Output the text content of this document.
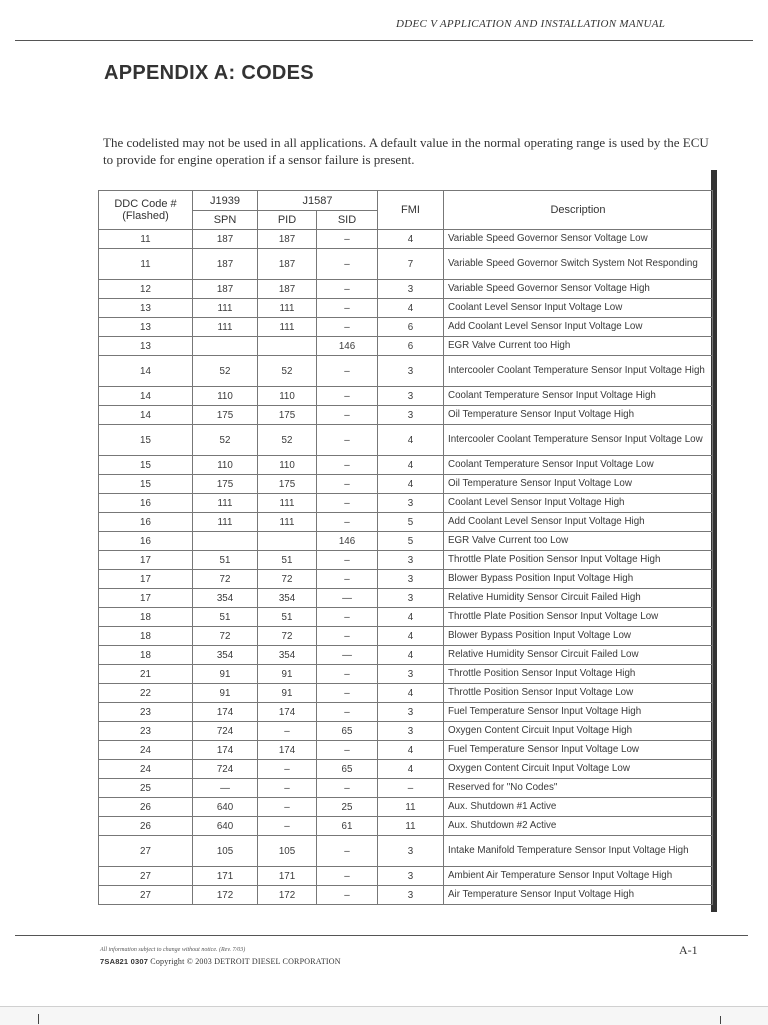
DDEC V APPLICATION AND INSTALLATION MANUAL
APPENDIX A: CODES
The codelisted may not be used in all applications. A default value in the normal operating range is used by the ECU to provide for engine operation if a sensor failure is present.
DDC Code #
(Flashed)	J1939	J1587		FMI	Description
	SPN	PID	SID		
11	187	187	–	4	Variable Speed Governor Sensor Voltage Low
11	187	187	–	7	Variable Speed Governor Switch System Not Responding
12	187	187	–	3	Variable Speed Governor Sensor Voltage High
13	111	111	–	4	Coolant Level Sensor Input Voltage Low
13	111	111	–	6	Add Coolant Level Sensor Input Voltage Low
13			146	6	EGR Valve Current too High
14	52	52	–	3	Intercooler Coolant Temperature Sensor Input Voltage High
14	110	110	–	3	Coolant Temperature Sensor Input Voltage High
14	175	175	–	3	Oil Temperature Sensor Input Voltage High
15	52	52	–	4	Intercooler Coolant Temperature Sensor Input Voltage Low
15	110	110	–	4	Coolant Temperature Sensor Input Voltage Low
15	175	175	–	4	Oil Temperature Sensor Input Voltage Low
16	111	111	–	3	Coolant Level Sensor Input Voltage High
16	111	111	–	5	Add Coolant Level Sensor Input Voltage High
16			146	5	EGR Valve Current too Low
17	51	51	–	3	Throttle Plate Position Sensor Input Voltage High
17	72	72	–	3	Blower Bypass Position Input Voltage High
17	354	354	—	3	Relative Humidity Sensor Circuit Failed High
18	51	51	–	4	Throttle Plate Position Sensor Input Voltage Low
18	72	72	–	4	Blower Bypass Position Input Voltage Low
18	354	354	—	4	Relative Humidity Sensor Circuit Failed Low
21	91	91	–	3	Throttle Position Sensor Input Voltage High
22	91	91	–	4	Throttle Position Sensor Input Voltage Low
23	174	174	–	3	Fuel Temperature Sensor Input Voltage High
23	724	–	65	3	Oxygen Content Circuit Input Voltage High
24	174	174	–	4	Fuel Temperature Sensor Input Voltage Low
24	724	–	65	4	Oxygen Content Circuit Input Voltage Low
25	—	–	–	–	Reserved for "No Codes"
26	640	–	25	11	Aux. Shutdown #1 Active
26	640	–	61	11	Aux. Shutdown #2 Active
27	105	105	–	3	Intake Manifold Temperature Sensor Input Voltage High
27	171	171	–	3	Ambient Air Temperature Sensor Input Voltage High
27	172	172	–	3	Air Temperature Sensor Input Voltage High
All information subject to change without notice. (Rev. 7/03)
7SA821 0307 Copyright © 2003 DETROIT DIESEL CORPORATION
A-1
